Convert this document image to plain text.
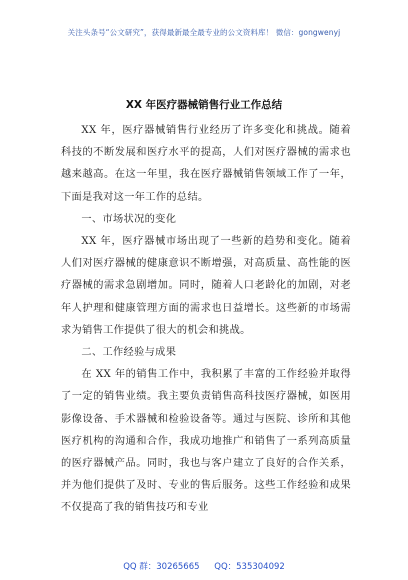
关注头条号“公文研究”，获得最新最全最专业的公文资料库！ 微信：gongwenyj
XX 年医疗器械销售行业工作总结

XX 年，医疗器械销售行业经历了许多变化和挑战。随着科技的不断发展和医疗水平的提高，人们对医疗器械的需求也越来越高。在这一年里，我在医疗器械销售领域工作了一年，下面是我对这一年工作的总结。

一、市场状况的变化

XX 年，医疗器械市场出现了一些新的趋势和变化。随着人们对医疗器械的健康意识不断增强，对高质量、高性能的医疗器械的需求急剧增加。同时，随着人口老龄化的加剧，对老年人护理和健康管理方面的需求也日益增长。这些新的市场需求为销售工作提供了很大的机会和挑战。

二、工作经验与成果

在 XX 年的销售工作中，我积累了丰富的工作经验并取得了一定的销售业绩。我主要负责销售高科技医疗器械，如医用影像设备、手术器械和检验设备等。通过与医院、诊所和其他医疗机构的沟通和合作，我成功地推广和销售了一系列高质量的医疗器械产品。同时，我也与客户建立了良好的合作关系，并为他们提供了及时、专业的售后服务。这些工作经验和成果不仅提高了我的销售技巧和专业

QQ 群：30265665 QQ：535304092
